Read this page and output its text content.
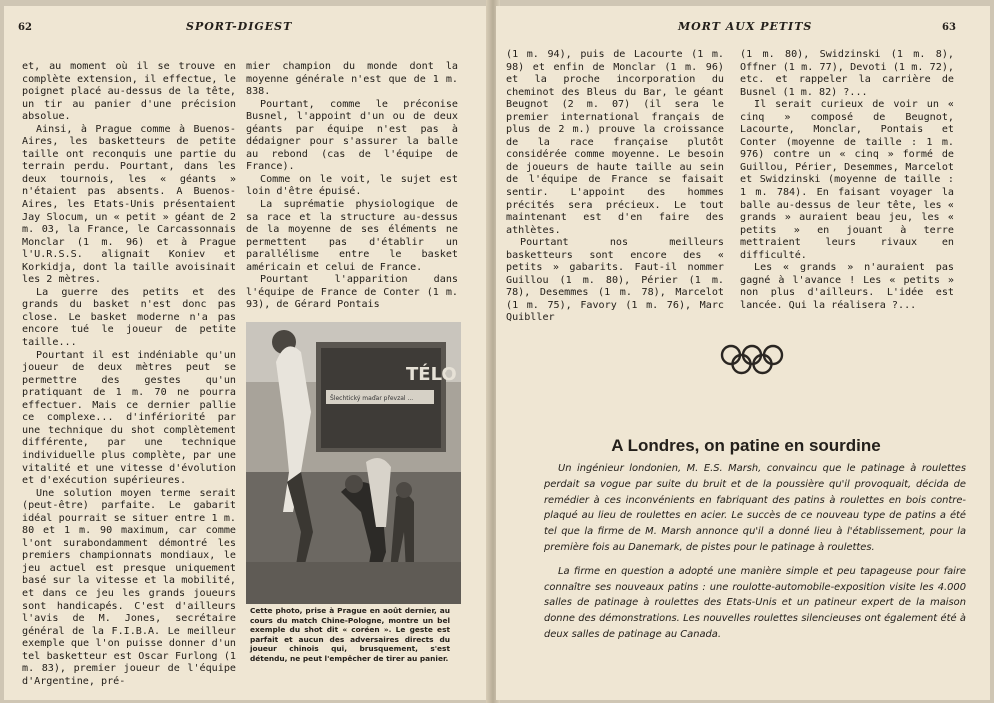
62	SPORT-DIGEST

et, au moment où il se trouve en complète extension, il effectue, le poignet placé au-dessus de la tête, un tir au panier d'une précision absolue.

Ainsi, à Prague comme à Buenos-Aires, les basketteurs de petite taille ont reconquis une partie du terrain perdu. Pourtant, dans les deux tournois, les « géants » n'étaient pas absents. A Buenos-Aires, les Etats-Unis présentaient Jay Slocum, un « petit » géant de 2 m. 03, la France, le Carcassonnais Monclar (1 m. 96) et à Prague l'U.R.S.S. alignait Koniev et Korkidja, dont la taille avoisinait les 2 mètres.

La guerre des petits et des grands du basket n'est donc pas close. Le basket moderne n'a pas encore tué le joueur de petite taille...

Pourtant il est indéniable qu'un joueur de deux mètres peut se permettre des gestes qu'un pratiquant de 1 m. 70 ne pourra effectuer. Mais ce dernier pallie ce complexe... d'infériorité par une technique du shot complètement différente, par une technique individuelle plus complète, par une vitalité et une vitesse d'évolution et d'exécution supérieures.

Une solution moyen terme serait (peut-être) parfaite. Le gabarit idéal pourrait se situer entre 1 m. 80 et 1 m. 90 maximum, car comme l'ont surabondamment démontré les premiers championnats mondiaux, le jeu actuel est presque uniquement basé sur la vitesse et la mobilité, et dans ce jeu les grands joueurs sont handicapés. C'est d'ailleurs l'avis de M. Jones, secrétaire général de la F.I.B.A. Le meilleur exemple que l'on puisse donner d'un tel basketteur est Oscar Furlong (1 m. 83), premier joueur de l'équipe d'Argentine, pré-

mier champion du monde dont la moyenne générale n'est que de 1 m. 838.

Pourtant, comme le préconise Busnel, l'appoint d'un ou de deux géants par équipe n'est pas à dédaigner pour s'assurer la balle au rebond (cas de l'équipe de France).

Comme on le voit, le sujet est loin d'être épuisé.

La suprématie physiologique de sa race et la structure au-dessus de la moyenne de ses éléments ne permettent pas d'établir un parallélisme entre le basket américain et celui de France.

Pourtant l'apparition dans l'équipe de France de Conter (1 m. 93), de Gérard Pontais

TÉLO
Šlechtický maďar převzal ...
Cette photo, prise à Prague en août dernier, au cours du match Chine-Pologne, montre un bel exemple du shot dit « coréen ». Le geste est parfait et aucun des adversaires directs du joueur chinois qui, brusquement, s'est détendu, ne peut l'empêcher de tirer au panier.
MORT AUX PETITS	63

(1 m. 94), puis de Lacourte (1 m. 98) et enfin de Monclar (1 m. 96) et la proche incorporation du cheminot des Bleus du Bar, le géant Beugnot (2 m. 07) (il sera le premier international français de plus de 2 m.) prouve la croissance de la race française plutôt considérée comme moyenne. Le besoin de joueurs de haute taille au sein de l'équipe de France se faisait sentir. L'appoint des hommes précités sera précieux. Le tout maintenant est d'en faire des athlètes.

Pourtant nos meilleurs basketteurs sont encore des « petits » gabarits. Faut-il nommer Guillou (1 m. 80), Périer (1 m. 78), Desemmes (1 m. 78), Marcelot (1 m. 75), Favory (1 m. 76), Marc Quibller

(1 m. 80), Swidzinski (1 m. 8), Offner (1 m. 77), Devoti (1 m. 72), etc. et rappeler la carrière de Busnel (1 m. 82) ?...

Il serait curieux de voir un « cinq » composé de Beugnot, Lacourte, Monclar, Pontais et Conter (moyenne de taille : 1 m. 976) contre un « cinq » formé de Guillou, Périer, Desemmes, Marcelot et Swidzinski (moyenne de taille : 1 m. 784). En faisant voyager la balle au-dessus de leur tête, les « grands » auraient beau jeu, les « petits » en jouant à terre mettraient leurs rivaux en difficulté.

Les « grands » n'auraient pas gagné à l'avance ! Les « petits » non plus d'ailleurs. L'idée est lancée. Qui la réalisera ?...

A Londres, on patine en sourdine

Un ingénieur londonien, M. E.S. Marsh, convaincu que le patinage à roulettes perdait sa vogue par suite du bruit et de la poussière qu'il provoquait, décida de remédier à ces inconvénients en fabriquant des patins à roulettes en bois contre-plaqué au lieu de roulettes en acier. Le succès de ce nouveau type de patins a été tel que la firme de M. Marsh annonce qu'il a donné lieu à l'établissement, pour la première fois au Danemark, de pistes pour le patinage à roulettes.

La firme en question a adopté une manière simple et peu tapageuse pour faire connaître ses nouveaux patins : une roulotte-automobile-exposition visite les 4.000 salles de patinage à roulettes des Etats-Unis et un patineur expert de la maison donne des démonstrations. Les nouvelles roulettes silencieuses ont également été à deux salles de patinage au Canada.
